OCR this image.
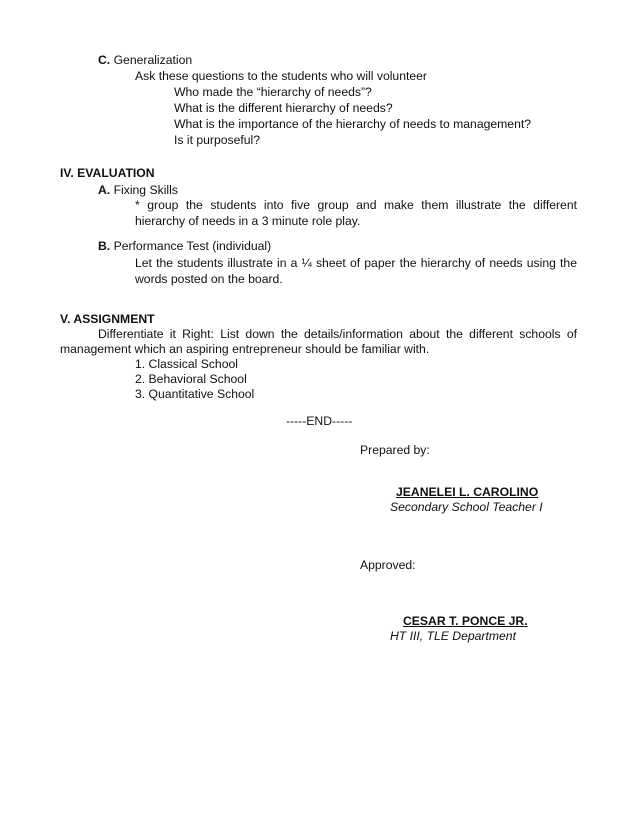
C. Generalization
Ask these questions to the students who will volunteer
Who made the “hierarchy of needs”?
What is the different hierarchy of needs?
What is the importance of the hierarchy of needs to management?
Is it purposeful?
IV. EVALUATION
A. Fixing Skills
* group the students into five group and make them illustrate the different
hierarchy of needs in a 3 minute role play.
B. Performance Test (individual)
Let the students illustrate in a ¼ sheet of paper the hierarchy of needs using the
words posted on the board.
V. ASSIGNMENT
Differentiate it Right: List down the details/information about the different schools of
management which an aspiring entrepreneur should be familiar with.
1. Classical School
2. Behavioral School
3. Quantitative School
-----END-----
Prepared by:
JEANELEI L. CAROLINO
Secondary School Teacher I
Approved:
CESAR T. PONCE JR.
HT III, TLE Department
